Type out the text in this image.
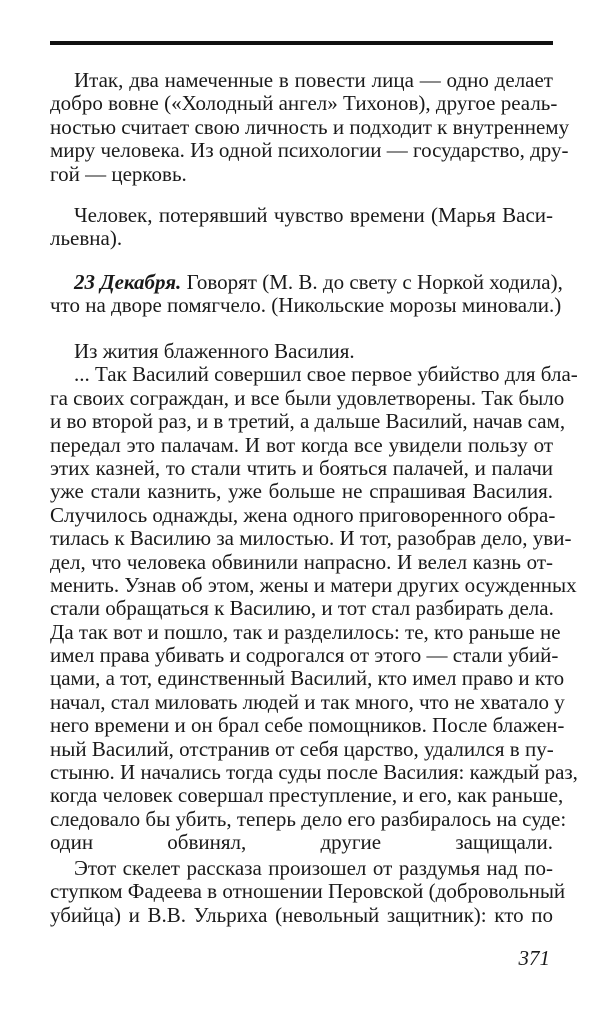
Итак, два намеченные в повести лица — одно делает
добро вовне («Холодный ангел» Тихонов), другое реаль-
ностью считает свою личность и подходит к внутреннему
миру человека. Из одной психологии — государство, дру-
гой — церковь.
Человек, потерявший чувство времени (Марья Васи-
льевна).
23 Декабря. Говорят (М. В. до свету с Норкой ходила),
что на дворе помягчело. (Никольские морозы миновали.)
Из жития блаженного Василия.
... Так Василий совершил свое первое убийство для бла-
га своих сограждан, и все были удовлетворены. Так было
и во второй раз, и в третий, а дальше Василий, начав сам,
передал это палачам. И вот когда все увидели пользу от
этих казней, то стали чтить и бояться палачей, и палачи
уже стали казнить, уже больше не спрашивая Василия.
Случилось однажды, жена одного приговоренного обра-
тилась к Василию за милостью. И тот, разобрав дело, уви-
дел, что человека обвинили напрасно. И велел казнь от-
менить. Узнав об этом, жены и матери других осужденных
стали обращаться к Василию, и тот стал разбирать дела.
Да так вот и пошло, так и разделилось: те, кто раньше не
имел права убивать и содрогался от этого — стали убий-
цами, а тот, единственный Василий, кто имел право и кто
начал, стал миловать людей и так много, что не хватало у
него времени и он брал себе помощников. После блажен-
ный Василий, отстранив от себя царство, удалился в пу-
стыню. И начались тогда суды после Василия: каждый раз,
когда человек совершал преступление, и его, как раньше,
следовало бы убить, теперь дело его разбиралось на суде:
один обвинял, другие защищали.
Этот скелет рассказа произошел от раздумья над по-
ступком Фадеева в отношении Перовской (добровольный
убийца) и В.В. Ульриха (невольный защитник): кто по
371
